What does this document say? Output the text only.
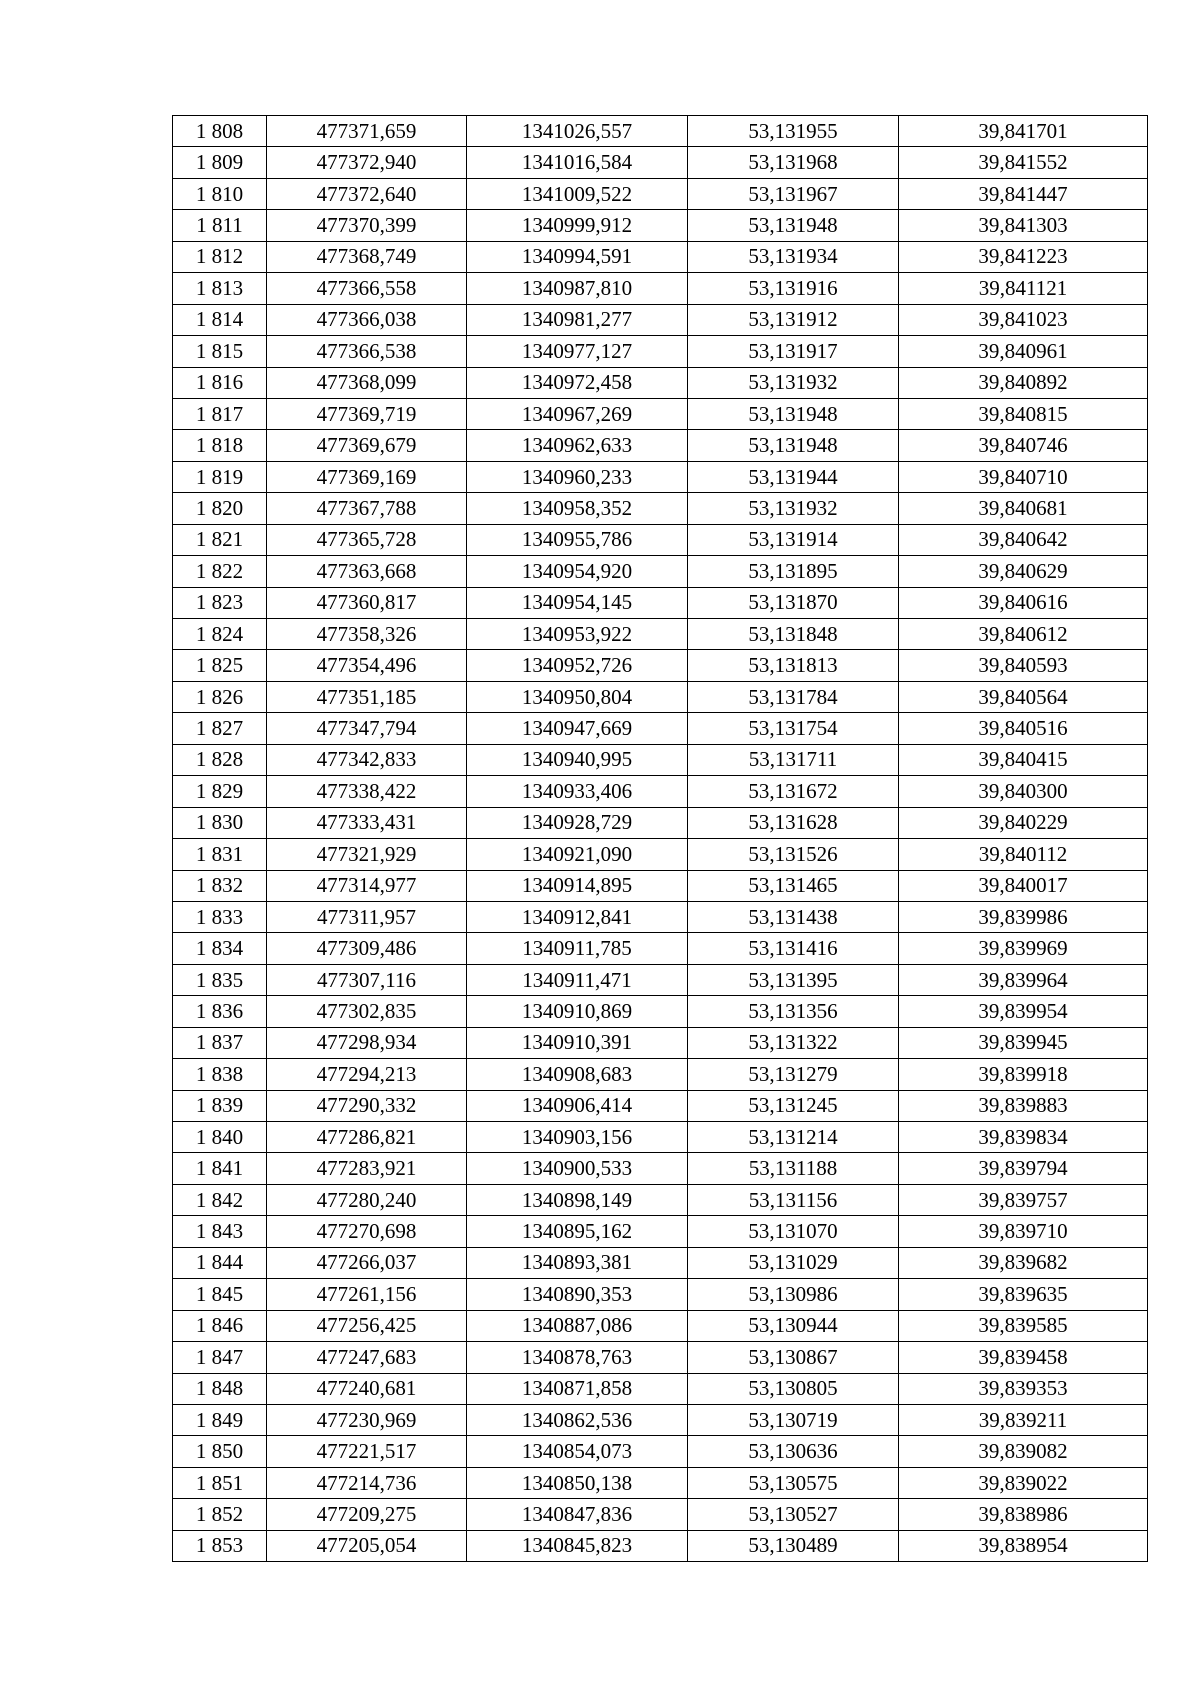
1 808	477371,659	1341026,557	53,131955	39,841701
1 809	477372,940	1341016,584	53,131968	39,841552
1 810	477372,640	1341009,522	53,131967	39,841447
1 811	477370,399	1340999,912	53,131948	39,841303
1 812	477368,749	1340994,591	53,131934	39,841223
1 813	477366,558	1340987,810	53,131916	39,841121
1 814	477366,038	1340981,277	53,131912	39,841023
1 815	477366,538	1340977,127	53,131917	39,840961
1 816	477368,099	1340972,458	53,131932	39,840892
1 817	477369,719	1340967,269	53,131948	39,840815
1 818	477369,679	1340962,633	53,131948	39,840746
1 819	477369,169	1340960,233	53,131944	39,840710
1 820	477367,788	1340958,352	53,131932	39,840681
1 821	477365,728	1340955,786	53,131914	39,840642
1 822	477363,668	1340954,920	53,131895	39,840629
1 823	477360,817	1340954,145	53,131870	39,840616
1 824	477358,326	1340953,922	53,131848	39,840612
1 825	477354,496	1340952,726	53,131813	39,840593
1 826	477351,185	1340950,804	53,131784	39,840564
1 827	477347,794	1340947,669	53,131754	39,840516
1 828	477342,833	1340940,995	53,131711	39,840415
1 829	477338,422	1340933,406	53,131672	39,840300
1 830	477333,431	1340928,729	53,131628	39,840229
1 831	477321,929	1340921,090	53,131526	39,840112
1 832	477314,977	1340914,895	53,131465	39,840017
1 833	477311,957	1340912,841	53,131438	39,839986
1 834	477309,486	1340911,785	53,131416	39,839969
1 835	477307,116	1340911,471	53,131395	39,839964
1 836	477302,835	1340910,869	53,131356	39,839954
1 837	477298,934	1340910,391	53,131322	39,839945
1 838	477294,213	1340908,683	53,131279	39,839918
1 839	477290,332	1340906,414	53,131245	39,839883
1 840	477286,821	1340903,156	53,131214	39,839834
1 841	477283,921	1340900,533	53,131188	39,839794
1 842	477280,240	1340898,149	53,131156	39,839757
1 843	477270,698	1340895,162	53,131070	39,839710
1 844	477266,037	1340893,381	53,131029	39,839682
1 845	477261,156	1340890,353	53,130986	39,839635
1 846	477256,425	1340887,086	53,130944	39,839585
1 847	477247,683	1340878,763	53,130867	39,839458
1 848	477240,681	1340871,858	53,130805	39,839353
1 849	477230,969	1340862,536	53,130719	39,839211
1 850	477221,517	1340854,073	53,130636	39,839082
1 851	477214,736	1340850,138	53,130575	39,839022
1 852	477209,275	1340847,836	53,130527	39,838986
1 853	477205,054	1340845,823	53,130489	39,838954
